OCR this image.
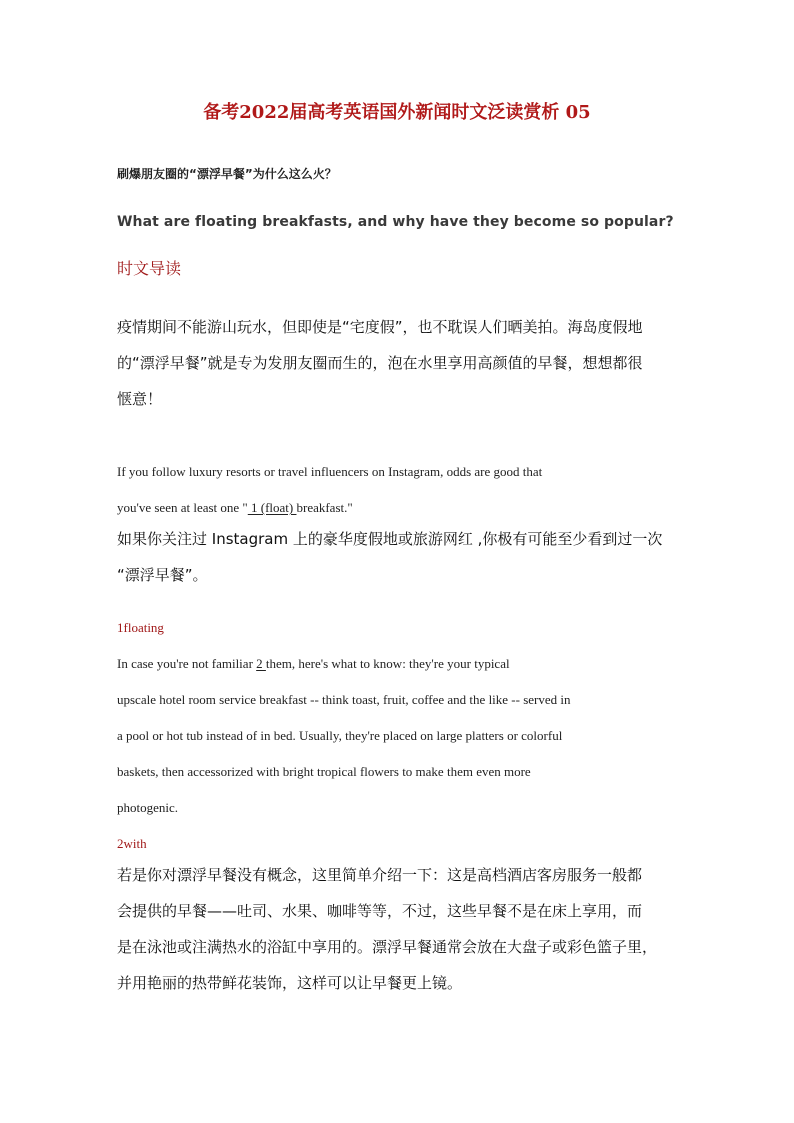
备考2022届高考英语国外新闻时文泛读赏析 05
刷爆朋友圈的“漂浮早餐”为什么这么火？
What are floating breakfasts, and why have they become so popular?
时文导读

疫情期间不能游山玩水，但即使是“宅度假”，也不耽误人们晒美拍。海岛度假地
的“漂浮早餐”就是专为发朋友圈而生的，泡在水里享用高颜值的早餐，想想都很
惬意！

If you follow luxury resorts or travel influencers on Instagram, odds are good that
you've seen at least one " 1 (float) breakfast."

如果你关注过 Instagram 上的豪华度假地或旅游网红 ,你极有可能至少看到过一次
“漂浮早餐”。

1floating

In case you're not familiar 2 them, here's what to know: they're your typical
upscale hotel room service breakfast -- think toast, fruit, coffee and the like -- served in
a pool or hot tub instead of in bed. Usually, they're placed on large platters or colorful
baskets, then accessorized with bright tropical flowers to make them even more
photogenic.

2with

若是你对漂浮早餐没有概念，这里简单介绍一下：这是高档酒店客房服务一般都
会提供的早餐——吐司、水果、咖啡等等，不过，这些早餐不是在床上享用，而
是在泳池或注满热水的浴缸中享用的。漂浮早餐通常会放在大盘子或彩色篮子里，
并用艳丽的热带鲜花装饰，这样可以让早餐更上镜。
